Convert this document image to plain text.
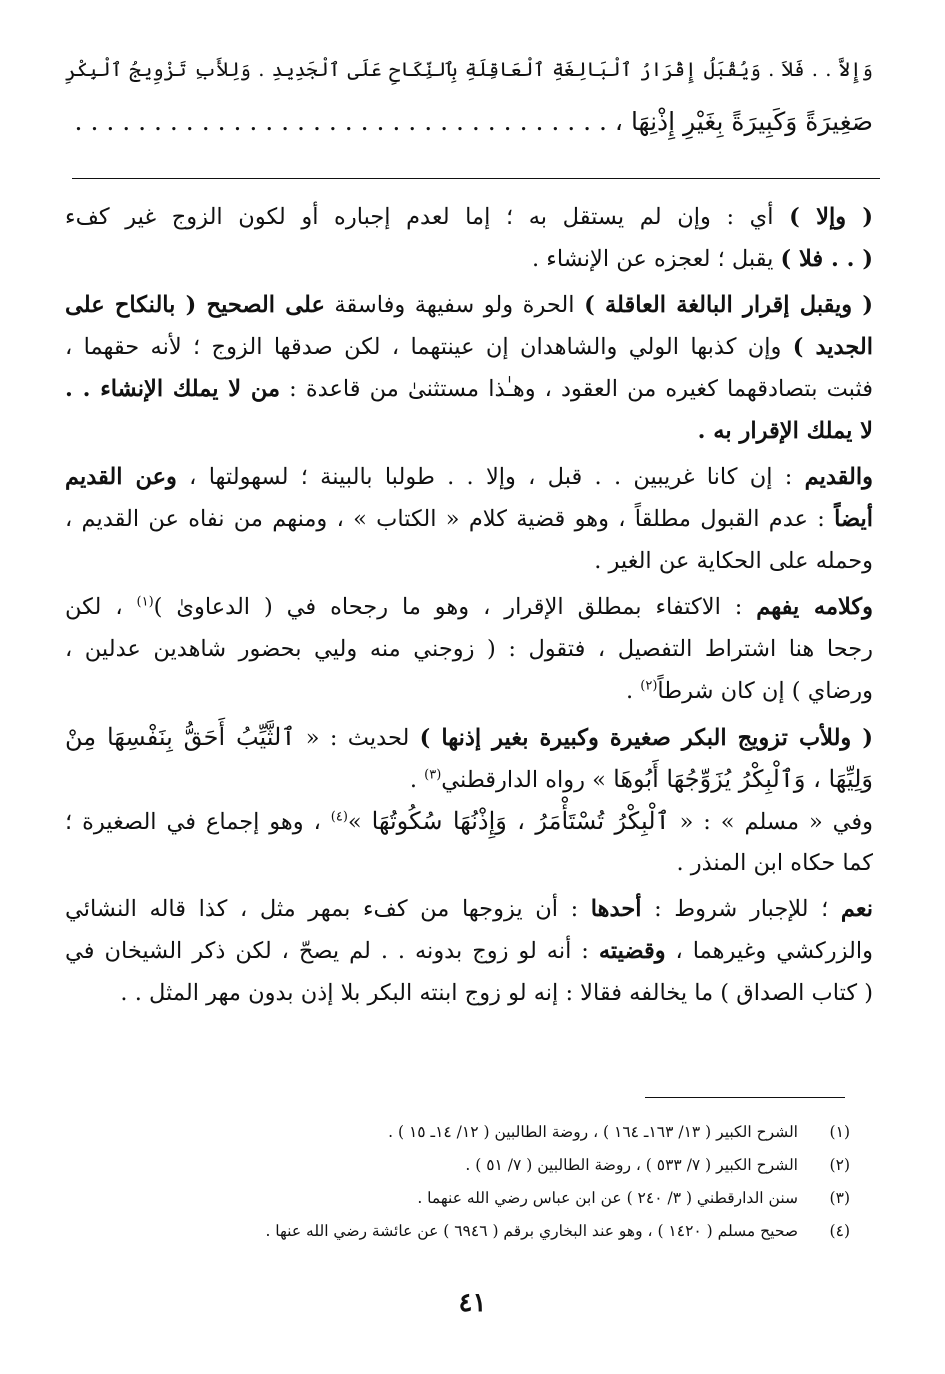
وَإِلاَّ . . فَلاَ . وَيُقْبَلُ إِقْرَارُ ٱلْبَالِغَةِ ٱلْعَاقِلَةِ بِٱلنِّكَاحِ عَلَى ٱلْجَدِيدِ . وَلِلأَبِ تَزْوِيجُ ٱلْبِكْرِ
صَغِيرَةً وَكَبِيرَةً بِغَيْرِ إِذْنِهَا ، . . . . . . . . . . . . . . . . . . . . . . . . . . . . . . . . . .
( وإلا ) أي : وإن لم يستقل به ؛ إما لعدم إجباره أو لكون الزوج غير كفء
( . . فلا ) يقبل ؛ لعجزه عن الإنشاء .
( ويقبل إقرار البالغة العاقلة ) الحرة ولو سفيهة وفاسقة على الصحيح ( بالنكاح على
الجديد ) وإن كذبها الولي والشاهدان إن عينتهما ، لكن صدقها الزوج ؛ لأنه حقهما ،
فثبت بتصادقهما كغيره من العقود ، وهـٰذا مستثنىٰ من قاعدة : من لا يملك الإنشاء . .
لا يملك الإقرار به .
والقديم : إن كانا غريبين . . قبل ، وإلا . . طولبا بالبينة ؛ لسهولتها ، وعن القديم
أيضاً : عدم القبول مطلقاً ، وهو قضية كلام « الكتاب » ، ومنهم من نفاه عن القديم ،
وحمله على الحكاية عن الغير .
وكلامه يفهم : الاكتفاء بمطلق الإقرار ، وهو ما رجحاه في ( الدعاوىٰ )$^{(١)}$ ، لكن
رجحا هنا اشتراط التفصيل ، فتقول : ( زوجني منه وليي بحضور شاهدين عدلين ،
ورضاي ) إن كان شرطاً$^{(٢)}$ .
( وللأب تزويج البكر صغيرة وكبيرة بغير إذنها ) لحديث : « ٱلثَّيِّبُ أَحَقُّ بِنَفْسِهَا مِنْ
وَلِيِّهَا ، وَٱلْبِكْرُ يُزَوِّجُهَا أَبُوهَا » رواه الدارقطني$^{(٣)}$ .
وفي « مسلم » : « ٱلْبِكْرُ تُسْتَأْمَرُ ، وَإِذْنُهَا سُكُوتُهَا »$^{(٤)}$ ، وهو إجماع في الصغيرة ؛
كما حكاه ابن المنذر .
نعم ؛ للإجبار شروط : أحدها : أن يزوجها من كفء بمهر مثل ، كذا قاله النشائي
والزركشي وغيرهما ، وقضيته : أنه لو زوج بدونه . . لم يصحّ ، لكن ذكر الشيخان في
( كتاب الصداق ) ما يخالفه فقالا : إنه لو زوج ابنته البكر بلا إذن بدون مهر المثل . .
(١)
الشرح الكبير ( ١٣/ ١٦٣ـ ١٦٤ ) ، روضة الطالبين ( ١٢/ ١٤ـ ١٥ ) .
(٢)
الشرح الكبير ( ٧/ ٥٣٣ ) ، روضة الطالبين ( ٧/ ٥١ ) .
(٣)
سنن الدارقطني ( ٣/ ٢٤٠ ) عن ابن عباس رضي الله عنهما .
(٤)
صحيح مسلم ( ١٤٢٠ ) ، وهو عند البخاري برقم ( ٦٩٤٦ ) عن عائشة رضي الله عنها .
٤١
